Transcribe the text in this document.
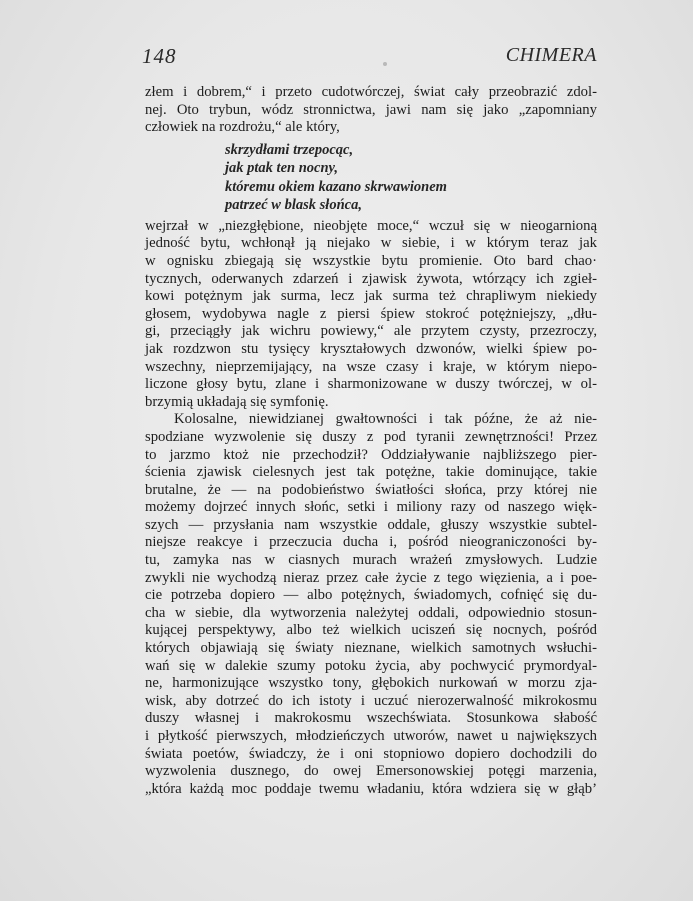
148	CHIMERA
złem i dobrem,“ i przeto cudotwórczej, świat cały przeobrazić zdol-
nej. Oto trybun, wódz stronnictwa, jawi nam się jako „zapomniany
człowiek na rozdrożu,“ ale który,
skrzydłami trzepocąc,
jak ptak ten nocny,
któremu okiem kazano skrwawionem
patrzeć w blask słońca,
wejrzał w „niezgłębione, nieobjęte moce,“ wczuł się w nieogarnioną
jedność bytu, wchłonął ją niejako w siebie, i w którym teraz jak
w ognisku zbiegają się wszystkie bytu promienie. Oto bard chao·
tycznych, oderwanych zdarzeń i zjawisk żywota, wtórzący ich zgieł-
kowi potężnym jak surma, lecz jak surma też chrapliwym niekiedy
głosem, wydobywa nagle z piersi śpiew stokroć potężniejszy, „dłu-
gi, przeciągły jak wichru powiewy,“ ale przytem czysty, przezroczy,
jak rozdzwon stu tysięcy kryształowych dzwonów, wielki śpiew po-
wszechny, nieprzemijający, na wsze czasy i kraje, w którym niepo-
liczone głosy bytu, zlane i sharmonizowane w duszy twórczej, w ol-
brzymią układają się symfonię.
Kolosalne, niewidzianej gwałtowności i tak późne, że aż nie-
spodziane wyzwolenie się duszy z pod tyranii zewnętrzności! Przez
to jarzmo ktoż nie przechodził? Oddziaływanie najbliższego pier-
ścienia zjawisk cielesnych jest tak potężne, takie dominujące, takie
brutalne, że — na podobieństwo światłości słońca, przy której nie
możemy dojrzeć innych słońc, setki i miliony razy od naszego więk-
szych — przysłania nam wszystkie oddale, głuszy wszystkie subtel-
niejsze reakcye i przeczucia ducha i, pośród nieograniczoności by-
tu, zamyka nas w ciasnych murach wrażeń zmysłowych. Ludzie
zwykli nie wychodzą nieraz przez całe życie z tego więzienia, a i poe-
cie potrzeba dopiero — albo potężnych, świadomych, cofnięć się du-
cha w siebie, dla wytworzenia należytej oddali, odpowiednio stosun-
kującej perspektywy, albo też wielkich uciszeń się nocnych, pośród
których objawiają się światy nieznane, wielkich samotnych wsłuchi-
wań się w dalekie szumy potoku życia, aby pochwycić prymordyal-
ne, harmonizujące wszystko tony, głębokich nurkowań w morzu zja-
wisk, aby dotrzeć do ich istoty i uczuć nierozerwalność mikrokosmu
duszy własnej i makrokosmu wszechświata. Stosunkowa słabość
i płytkość pierwszych, młodzieńczych utworów, nawet u największych
świata poetów, świadczy, że i oni stopniowo dopiero dochodzili do
wyzwolenia dusznego, do owej Emersonowskiej potęgi marzenia,
„która każdą moc poddaje twemu władaniu, która wdziera się w głąb’
